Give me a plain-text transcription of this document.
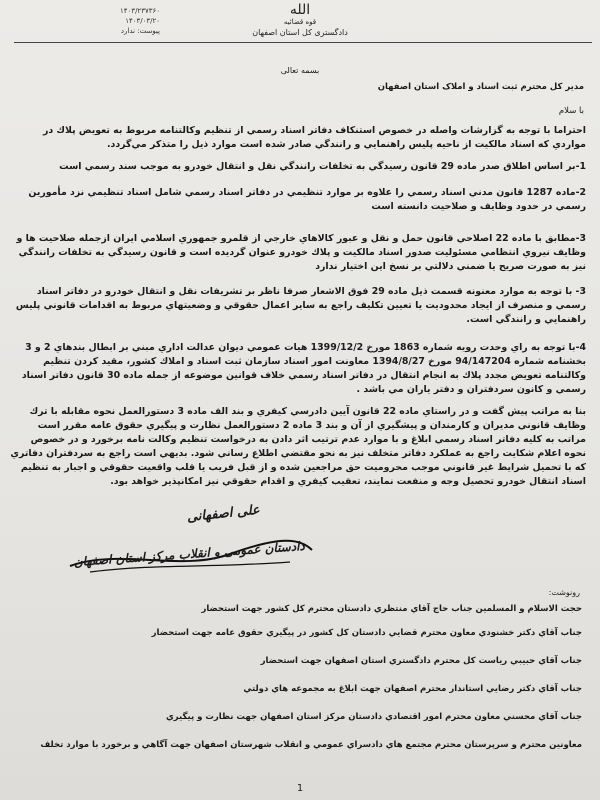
۱۴۰۳/۲۳۷۳۶۰
۱۴۰۳/۰۳/۲۰
پیوست: ندارد
الله
قوه قضائیه
دادگستری کل استان اصفهان
بسمه تعالی
مدیر کل محترم ثبت اسناد و املاک استان اصفهان
با سلام
احتراما با توجه به گزارشات واصله در خصوص استنکاف دفاتر اسناد رسمي از تنظيم وكالتنامه مربوط به تعويض پلاك در مواردي كه اسناد مالكيت از ناحيه پليس راهنمايي و رانندگي صادر شده است موارد ذيل را متذكر مي‌گردد.
1-بر اساس اطلاق صدر ماده 29 قانون رسيدگي به تخلفات رانندگي نقل و انتقال خودرو به موجب سند رسمي است
2-ماده 1287 قانون مدني اسناد رسمي را علاوه بر موارد تنظيمي در دفاتر اسناد رسمي شامل اسناد تنظيمي نزد مأمورين رسمي در حدود وظايف و صلاحيت دانسته است
3-مطابق با ماده 22 اصلاحي قانون حمل و نقل و عبور كالاهاي خارجي از قلمرو جمهوري اسلامي ايران ازجمله صلاحيت ها و وظايف نيروي انتظامي مسئوليت صدور اسناد مالكيت و پلاك خودرو عنوان گرديده است و قانون رسيدگي به تخلفات رانندگي نيز به صورت صريح يا ضمني دلالتي بر نسخ اين اختيار ندارد
3- با توجه به موارد معنونه قسمت ذيل ماده 29 فوق الاشعار صرفا ناظر بر تشريفات نقل و انتقال خودرو در دفاتر اسناد رسمي و منصرف از ايجاد محدوديت يا تعيين تكليف راجع به ساير اعمال حقوقي و وضعيتهاي مربوط به اقدامات قانوني پليس راهنمايي و رانندگي است.
4-با توجه به راي وحدت رويه شماره 1863 مورخ 1399/12/2 هيات عمومي ديوان عدالت اداري مبني بر ابطال بندهاي 2 و 3 بخشنامه شماره 94/147204 مورخ 1394/8/27 معاونت امور اسناد سازمان ثبت اسناد و املاك كشور، مقيد كردن تنظيم وكالتنامه تعويض مجدد پلاك به انجام انتقال در دفاتر اسناد رسمي خلاف قوانين موضوعه از جمله ماده 30 قانون دفاتر اسناد رسمي و كانون سردفتران و دفتر ياران مي باشد .
بنا به مراتب پيش گفت و در راستاي ماده 22 قانون آيين دادرسي كيفري و بند الف ماده 3 دستورالعمل نحوه مقابله با ترك وظايف قانوني مديران و كارمندان و پيشگيري از آن و بند 3 ماده 2 دستورالعمل نظارت و پيگيري حقوق عامه مقرر است مراتب به كليه دفاتر اسناد رسمي ابلاغ و با موارد عدم ترتيب اثر دادن به درخواست تنظيم وكالت نامه برخورد و در خصوص نحوه اعلام شكايت راجع به عملكرد دفاتر متخلف نيز به نحو مقتضي اطلاع رساني شود. بديهي است راجع به سردفتران دفاتري كه با تحميل شرايط غير قانوني موجب محروميت حق مراجعين شده و از قبل فريب يا قلب واقعيت حقوقي و اجبار به تنظيم اسناد انتقال خودرو تحصيل وجه و منفعت نمايند، تعقيب كيفري و اقدام حقوقي نيز امكانپذير خواهد بود.
علی اصفهانی
دادستان عمومی و انقلاب مرکز استان اصفهان
رونوشت:
حجت الاسلام و المسلمين جناب حاج آقاي منتظري دادستان محترم كل كشور جهت استحضار
جناب آقاي دكتر خشنودي معاون محترم قضايي دادستان كل كشور در پيگيري حقوق عامه جهت استحضار
جناب آقاي حبيبي رياست كل محترم دادگستري استان اصفهان جهت استحضار
جناب آقاي دكتر رضايي استاندار محترم اصفهان جهت ابلاغ به مجموعه هاي دولتي
جناب آقاي محسني معاون محترم امور اقتصادي دادستان مركز استان اصفهان جهت نظارت و پيگيري
معاونين محترم و سرپرستان محترم مجتمع هاي دادسراي عمومي و انقلاب شهرستان اصفهان جهت آگاهي و برخورد با موارد تخلف
1
